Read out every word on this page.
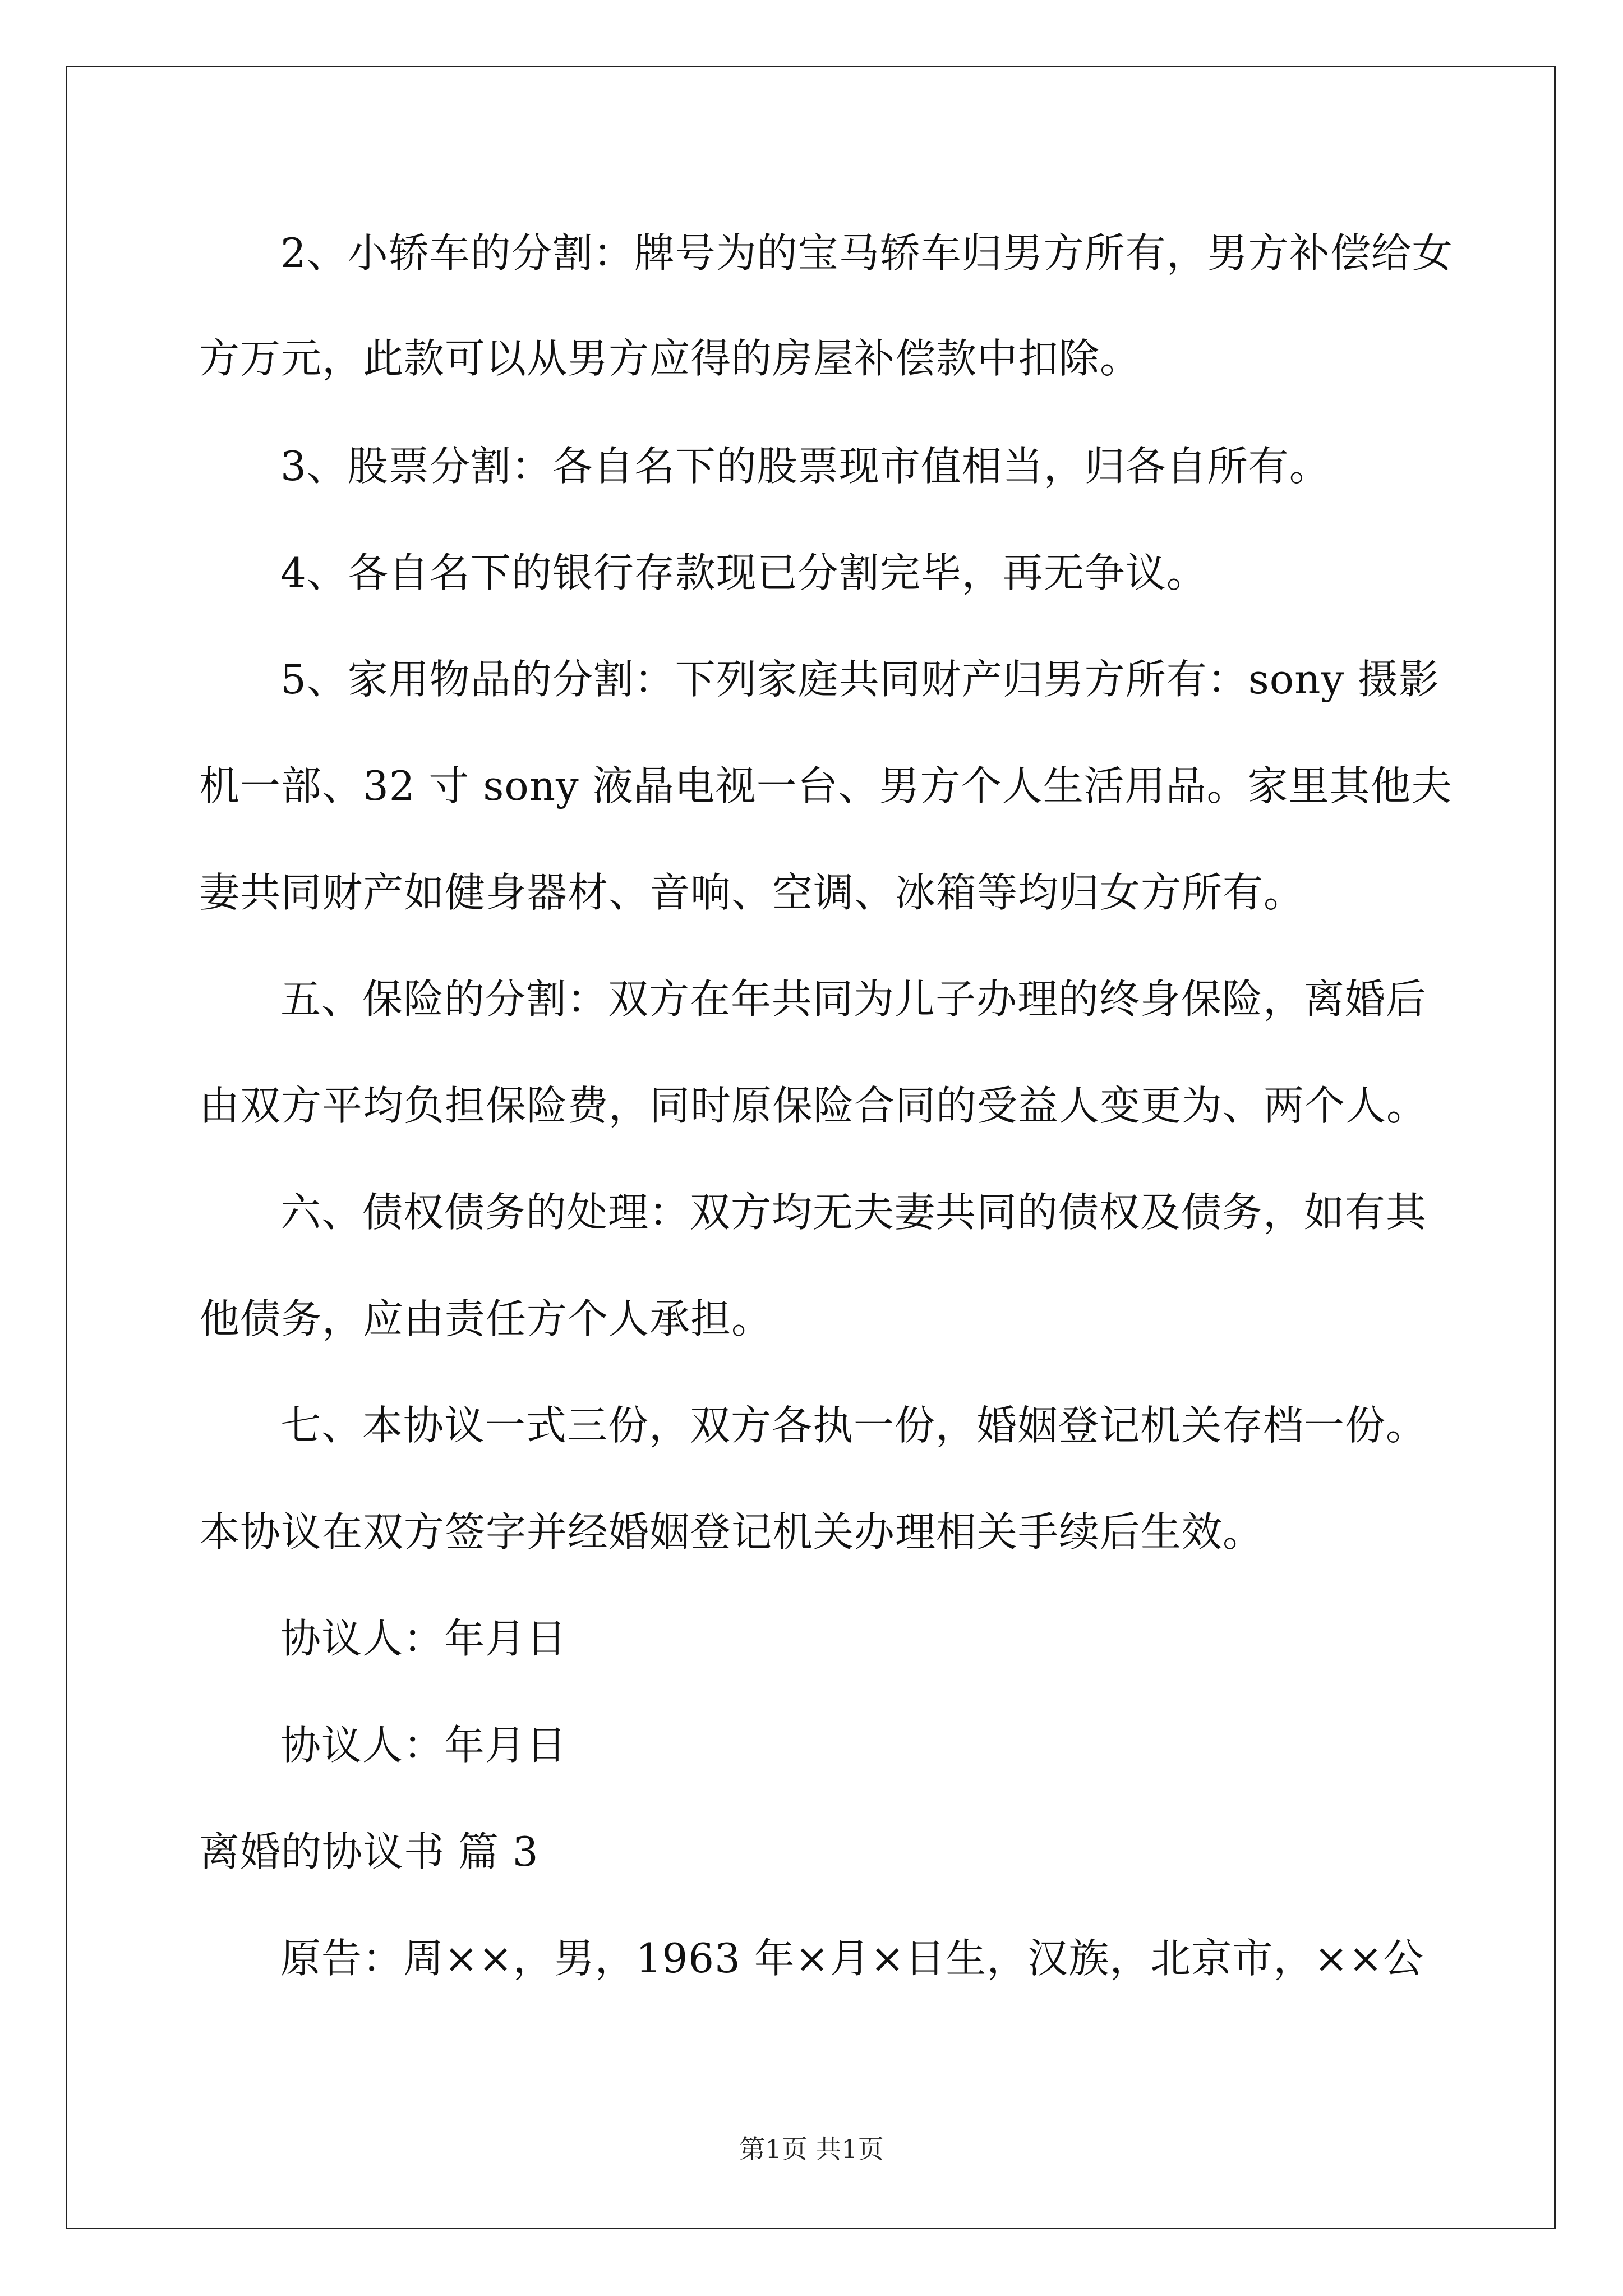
2、小轿车的分割：牌号为的宝马轿车归男方所有，男方补偿给女
方万元，此款可以从男方应得的房屋补偿款中扣除。
3、股票分割：各自名下的股票现市值相当，归各自所有。
4、各自名下的银行存款现已分割完毕，再无争议。
5、家用物品的分割：下列家庭共同财产归男方所有：sony 摄影
机一部、32 寸 sony 液晶电视一台、男方个人生活用品。家里其他夫
妻共同财产如健身器材、音响、空调、冰箱等均归女方所有。
五、保险的分割：双方在年共同为儿子办理的终身保险，离婚后
由双方平均负担保险费，同时原保险合同的受益人变更为、两个人。
六、债权债务的处理：双方均无夫妻共同的债权及债务，如有其
他债务，应由责任方个人承担。
七、本协议一式三份，双方各执一份，婚姻登记机关存档一份。
本协议在双方签字并经婚姻登记机关办理相关手续后生效。
协议人：年月日
协议人：年月日
离婚的协议书 篇 3
原告：周××，男，1963 年×月×日生，汉族，北京市，××公
第1页 共1页
